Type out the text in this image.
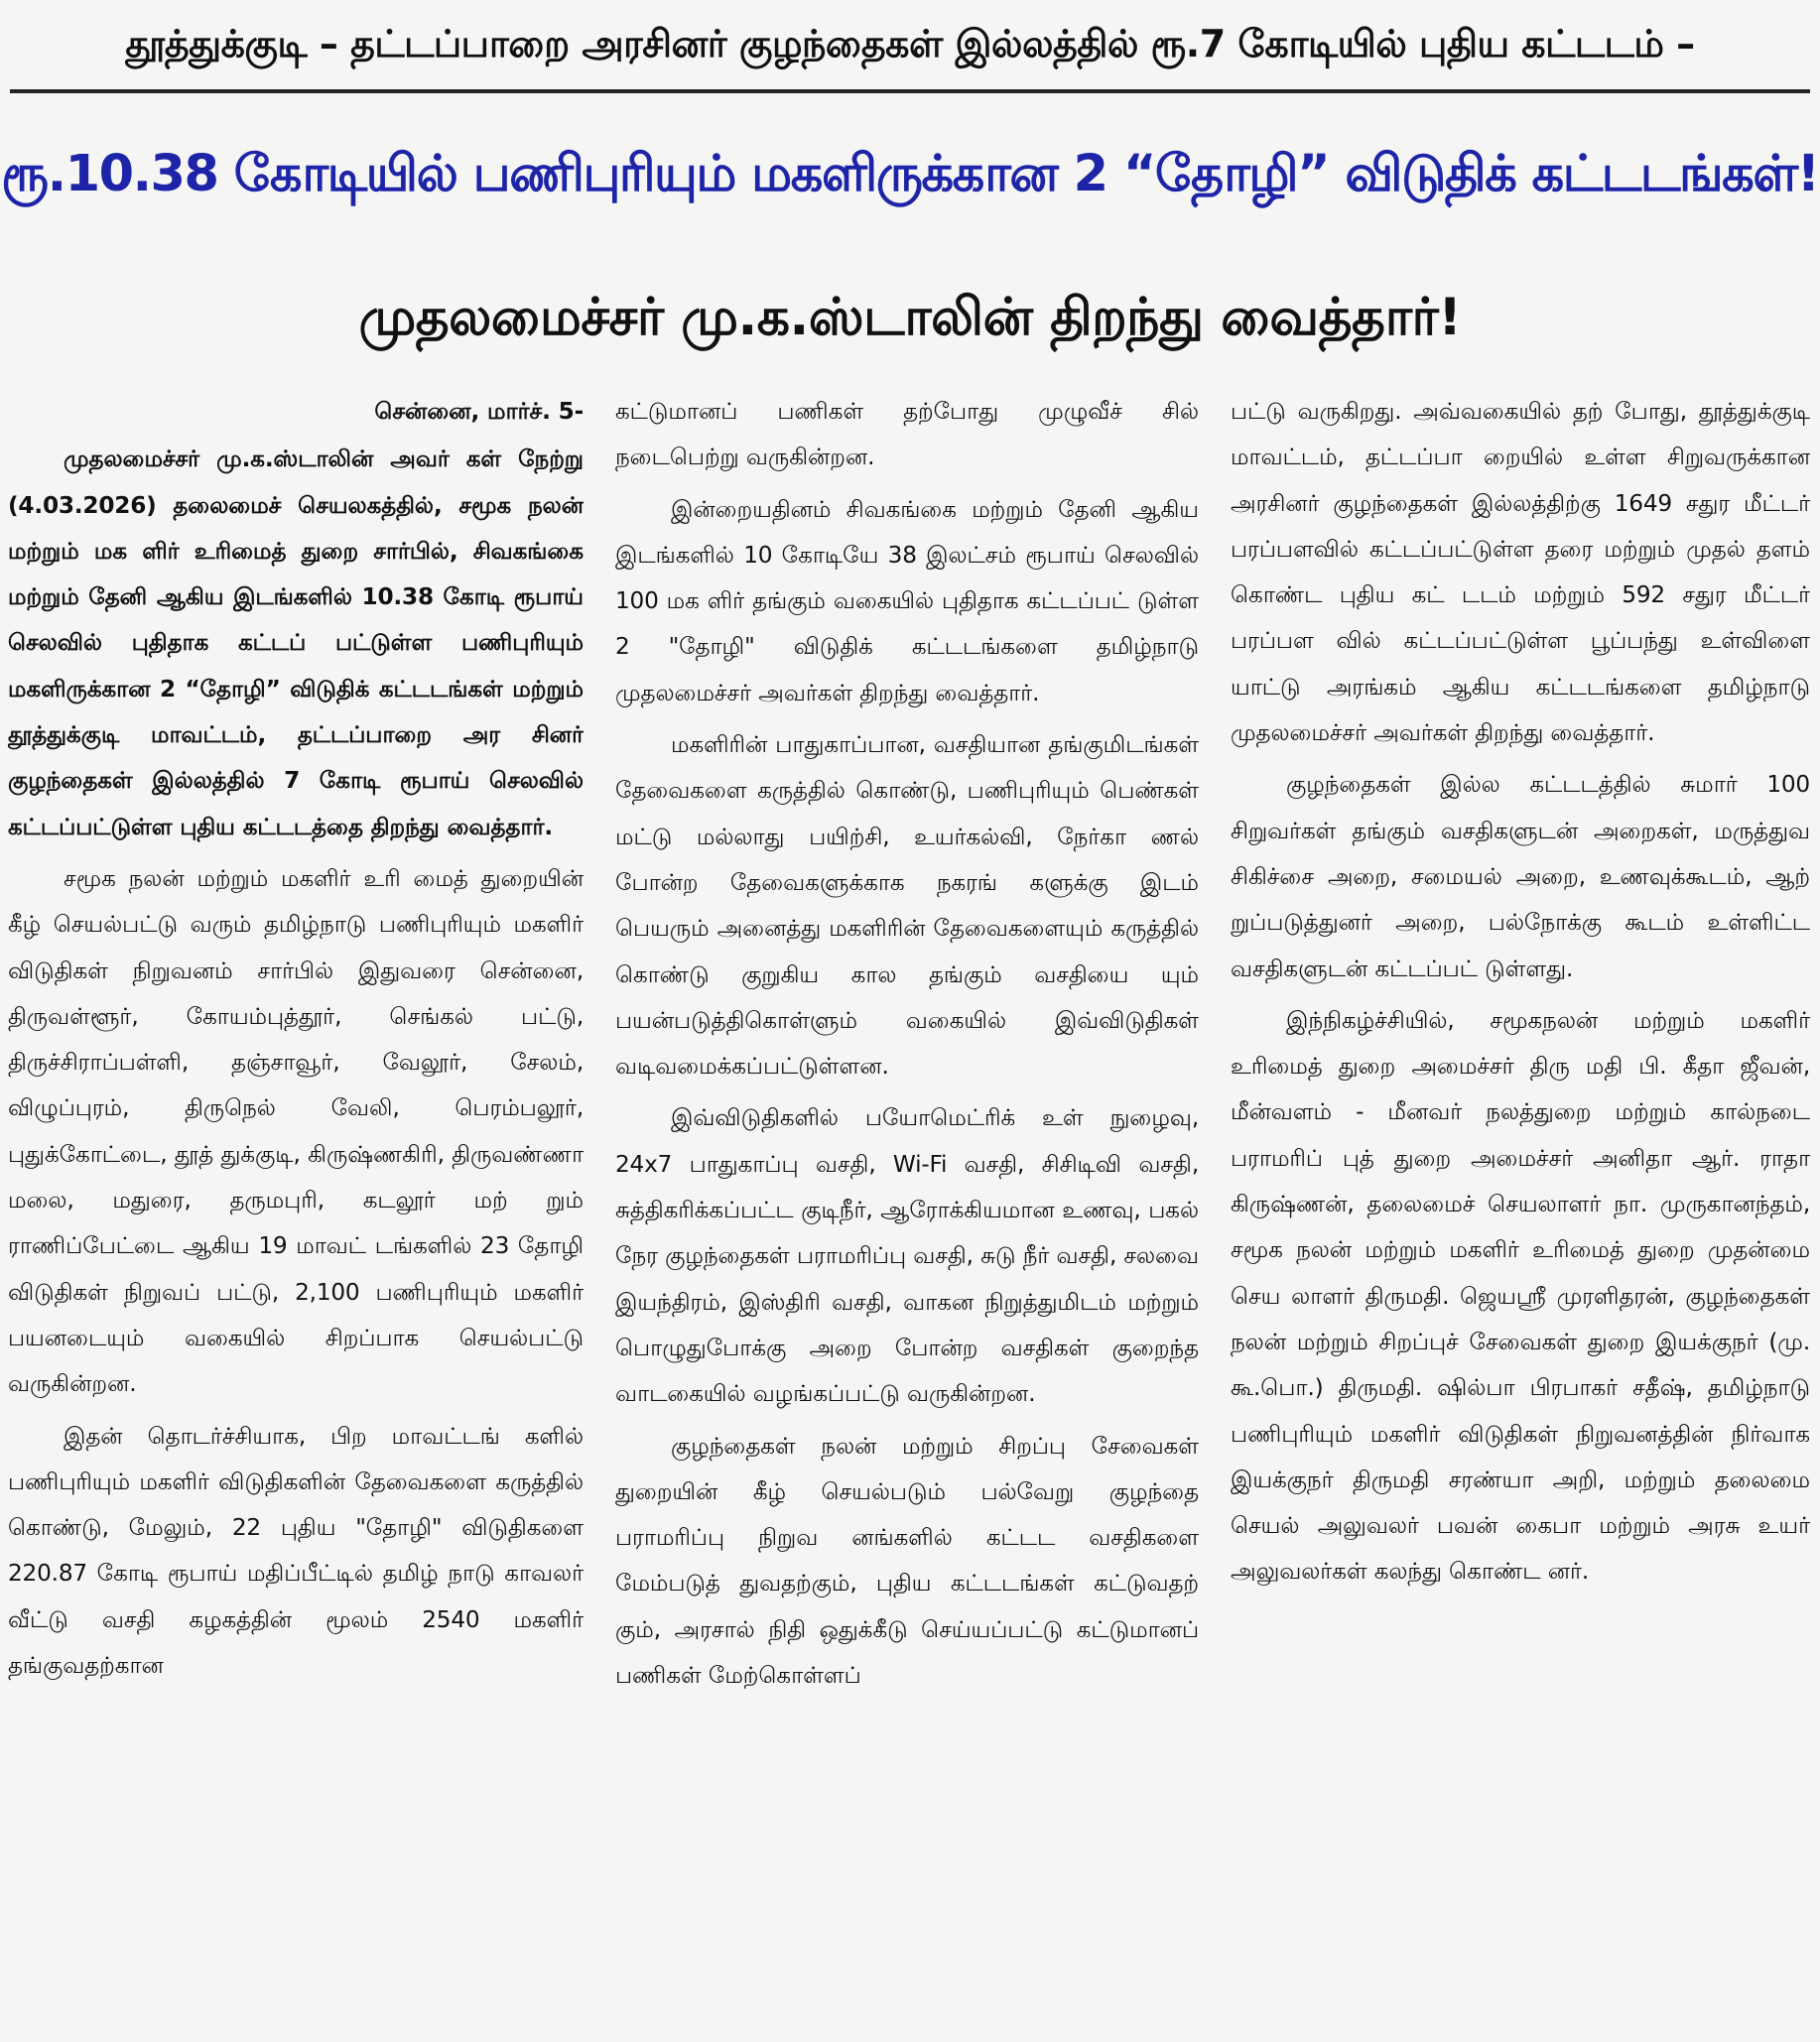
தூத்துக்குடி – தட்டப்பாறை அரசினர் குழந்தைகள் இல்லத்தில் ரூ.7 கோடியில் புதிய கட்டடம் –
ரூ.10.38 கோடியில் பணிபுரியும் மகளிருக்கான 2 “தோழி” விடுதிக் கட்டடங்கள்!
முதலமைச்சர் மு.க.ஸ்டாலின் திறந்து வைத்தார்!
சென்னை, மார்ச். 5-

முதலமைச்சர் மு.க.ஸ்டாலின் அவர் கள் நேற்று (4.03.2026) தலைமைச் செயலகத்தில், சமூக நலன் மற்றும் மக ளிர் உரிமைத் துறை சார்பில், சிவகங்கை மற்றும் தேனி ஆகிய இடங்களில் 10.38 கோடி ரூபாய் செலவில் புதிதாக கட்டப் பட்டுள்ள பணிபுரியும் மகளிருக்கான 2 “தோழி” விடுதிக் கட்டடங்கள் மற்றும் தூத்துக்குடி மாவட்டம், தட்டப்பாறை அர சினர் குழந்தைகள் இல்லத்தில் 7 கோடி ரூபாய் செலவில் கட்டப்பட்டுள்ள புதிய கட்டடத்தை திறந்து வைத்தார்.

சமூக நலன் மற்றும் மகளிர் உரி மைத் துறையின் கீழ் செயல்பட்டு வரும் தமிழ்நாடு பணிபுரியும் மகளிர் விடுதிகள் நிறுவனம் சார்பில் இதுவரை சென்னை, திருவள்ளூர், கோயம்புத்தூர், செங்கல் பட்டு, திருச்சிராப்பள்ளி, தஞ்சாவூர், வேலூர், சேலம், விழுப்புரம், திருநெல் வேலி, பெரம்பலூர், புதுக்கோட்டை, தூத் துக்குடி, கிருஷ்ணகிரி, திருவண்ணா மலை, மதுரை, தருமபுரி, கடலூர் மற் றும் ராணிப்பேட்டை ஆகிய 19 மாவட் டங்களில் 23 தோழி விடுதிகள் நிறுவப் பட்டு, 2,100 பணிபுரியும் மகளிர் பயனடையும் வகையில் சிறப்பாக செயல்பட்டு வருகின்றன.

இதன் தொடர்ச்சியாக, பிற மாவட்டங் களில் பணிபுரியும் மகளிர் விடுதிகளின் தேவைகளை கருத்தில் கொண்டு, மேலும், 22 புதிய "தோழி" விடுதிகளை 220.87 கோடி ரூபாய் மதிப்பீட்டில் தமிழ் நாடு காவலர் வீட்டு வசதி கழகத்தின் மூலம் 2540 மகளிர் தங்குவதற்கான

கட்டுமானப் பணிகள் தற்போது முழுவீச் சில் நடைபெற்று வருகின்றன.

இன்றையதினம் சிவகங்கை மற்றும் தேனி ஆகிய இடங்களில் 10 கோடியே 38 இலட்சம் ரூபாய் செலவில் 100 மக ளிர் தங்கும் வகையில் புதிதாக கட்டப்பட் டுள்ள 2 "தோழி" விடுதிக் கட்டடங்களை தமிழ்நாடு முதலமைச்சர் அவர்கள் திறந்து வைத்தார்.

மகளிரின் பாதுகாப்பான, வசதியான தங்குமிடங்கள் தேவைகளை கருத்தில் கொண்டு, பணிபுரியும் பெண்கள் மட்டு மல்லாது பயிற்சி, உயர்கல்வி, நேர்கா ணல் போன்ற தேவைகளுக்காக நகரங் களுக்கு இடம் பெயரும் அனைத்து மகளிரின் தேவைகளையும் கருத்தில் கொண்டு குறுகிய கால தங்கும் வசதியை யும் பயன்படுத்திகொள்ளும் வகையில் இவ்விடுதிகள் வடிவமைக்கப்பட்டுள்ளன.

இவ்விடுதிகளில் பயோமெட்ரிக் உள் நுழைவு, 24x7 பாதுகாப்பு வசதி, Wi-Fi வசதி, சிசிடிவி வசதி, சுத்திகரிக்கப்பட்ட குடிநீர், ஆரோக்கியமான உணவு, பகல் நேர குழந்தைகள் பராமரிப்பு வசதி, சுடு நீர் வசதி, சலவை இயந்திரம், இஸ்திரி வசதி, வாகன நிறுத்துமிடம் மற்றும் பொழுதுபோக்கு அறை போன்ற வசதிகள் குறைந்த வாடகையில் வழங்கப்பட்டு வருகின்றன.

குழந்தைகள் நலன் மற்றும் சிறப்பு சேவைகள் துறையின் கீழ் செயல்படும் பல்வேறு குழந்தை பராமரிப்பு நிறுவ னங்களில் கட்டட வசதிகளை மேம்படுத் துவதற்கும், புதிய கட்டடங்கள் கட்டுவதற் கும், அரசால் நிதி ஒதுக்கீடு செய்யப்பட்டு கட்டுமானப் பணிகள் மேற்கொள்ளப்

பட்டு வருகிறது. அவ்வகையில் தற் போது, தூத்துக்குடி மாவட்டம், தட்டப்பா றையில் உள்ள சிறுவருக்கான அரசினர் குழந்தைகள் இல்லத்திற்கு 1649 சதுர மீட்டர் பரப்பளவில் கட்டப்பட்டுள்ள தரை மற்றும் முதல் தளம் கொண்ட புதிய கட் டடம் மற்றும் 592 சதுர மீட்டர் பரப்பள வில் கட்டப்பட்டுள்ள பூப்பந்து உள்விளை யாட்டு அரங்கம் ஆகிய கட்டடங்களை தமிழ்நாடு முதலமைச்சர் அவர்கள் திறந்து வைத்தார்.

குழந்தைகள் இல்ல கட்டடத்தில் சுமார் 100 சிறுவர்கள் தங்கும் வசதிகளுடன் அறைகள், மருத்துவ சிகிச்சை அறை, சமையல் அறை, உணவுக்கூடம், ஆற் றுப்படுத்துனர் அறை, பல்நோக்கு கூடம் உள்ளிட்ட வசதிகளுடன் கட்டப்பட் டுள்ளது.

இந்நிகழ்ச்சியில், சமூகநலன் மற்றும் மகளிர் உரிமைத் துறை அமைச்சர் திரு மதி பி. கீதா ஜீவன், மீன்வளம் - மீனவர் நலத்துறை மற்றும் கால்நடை பராமரிப் புத் துறை அமைச்சர் அனிதா ஆர். ராதா கிருஷ்ணன், தலைமைச் செயலாளர் நா. முருகானந்தம், சமூக நலன் மற்றும் மகளிர் உரிமைத் துறை முதன்மை செய லாளர் திருமதி. ஜெயஸ்ரீ முரளிதரன், குழந்தைகள் நலன் மற்றும் சிறப்புச் சேவைகள் துறை இயக்குநர் (மு. கூ.பொ.) திருமதி. ஷில்பா பிரபாகர் சதீஷ், தமிழ்நாடு பணிபுரியும் மகளிர் விடுதிகள் நிறுவனத்தின் நிர்வாக இயக்குநர் திருமதி சரண்யா அறி, மற்றும் தலைமை செயல் அலுவலர் பவன் கைபா மற்றும் அரசு உயர் அலுவலர்கள் கலந்து கொண்ட னர்.
